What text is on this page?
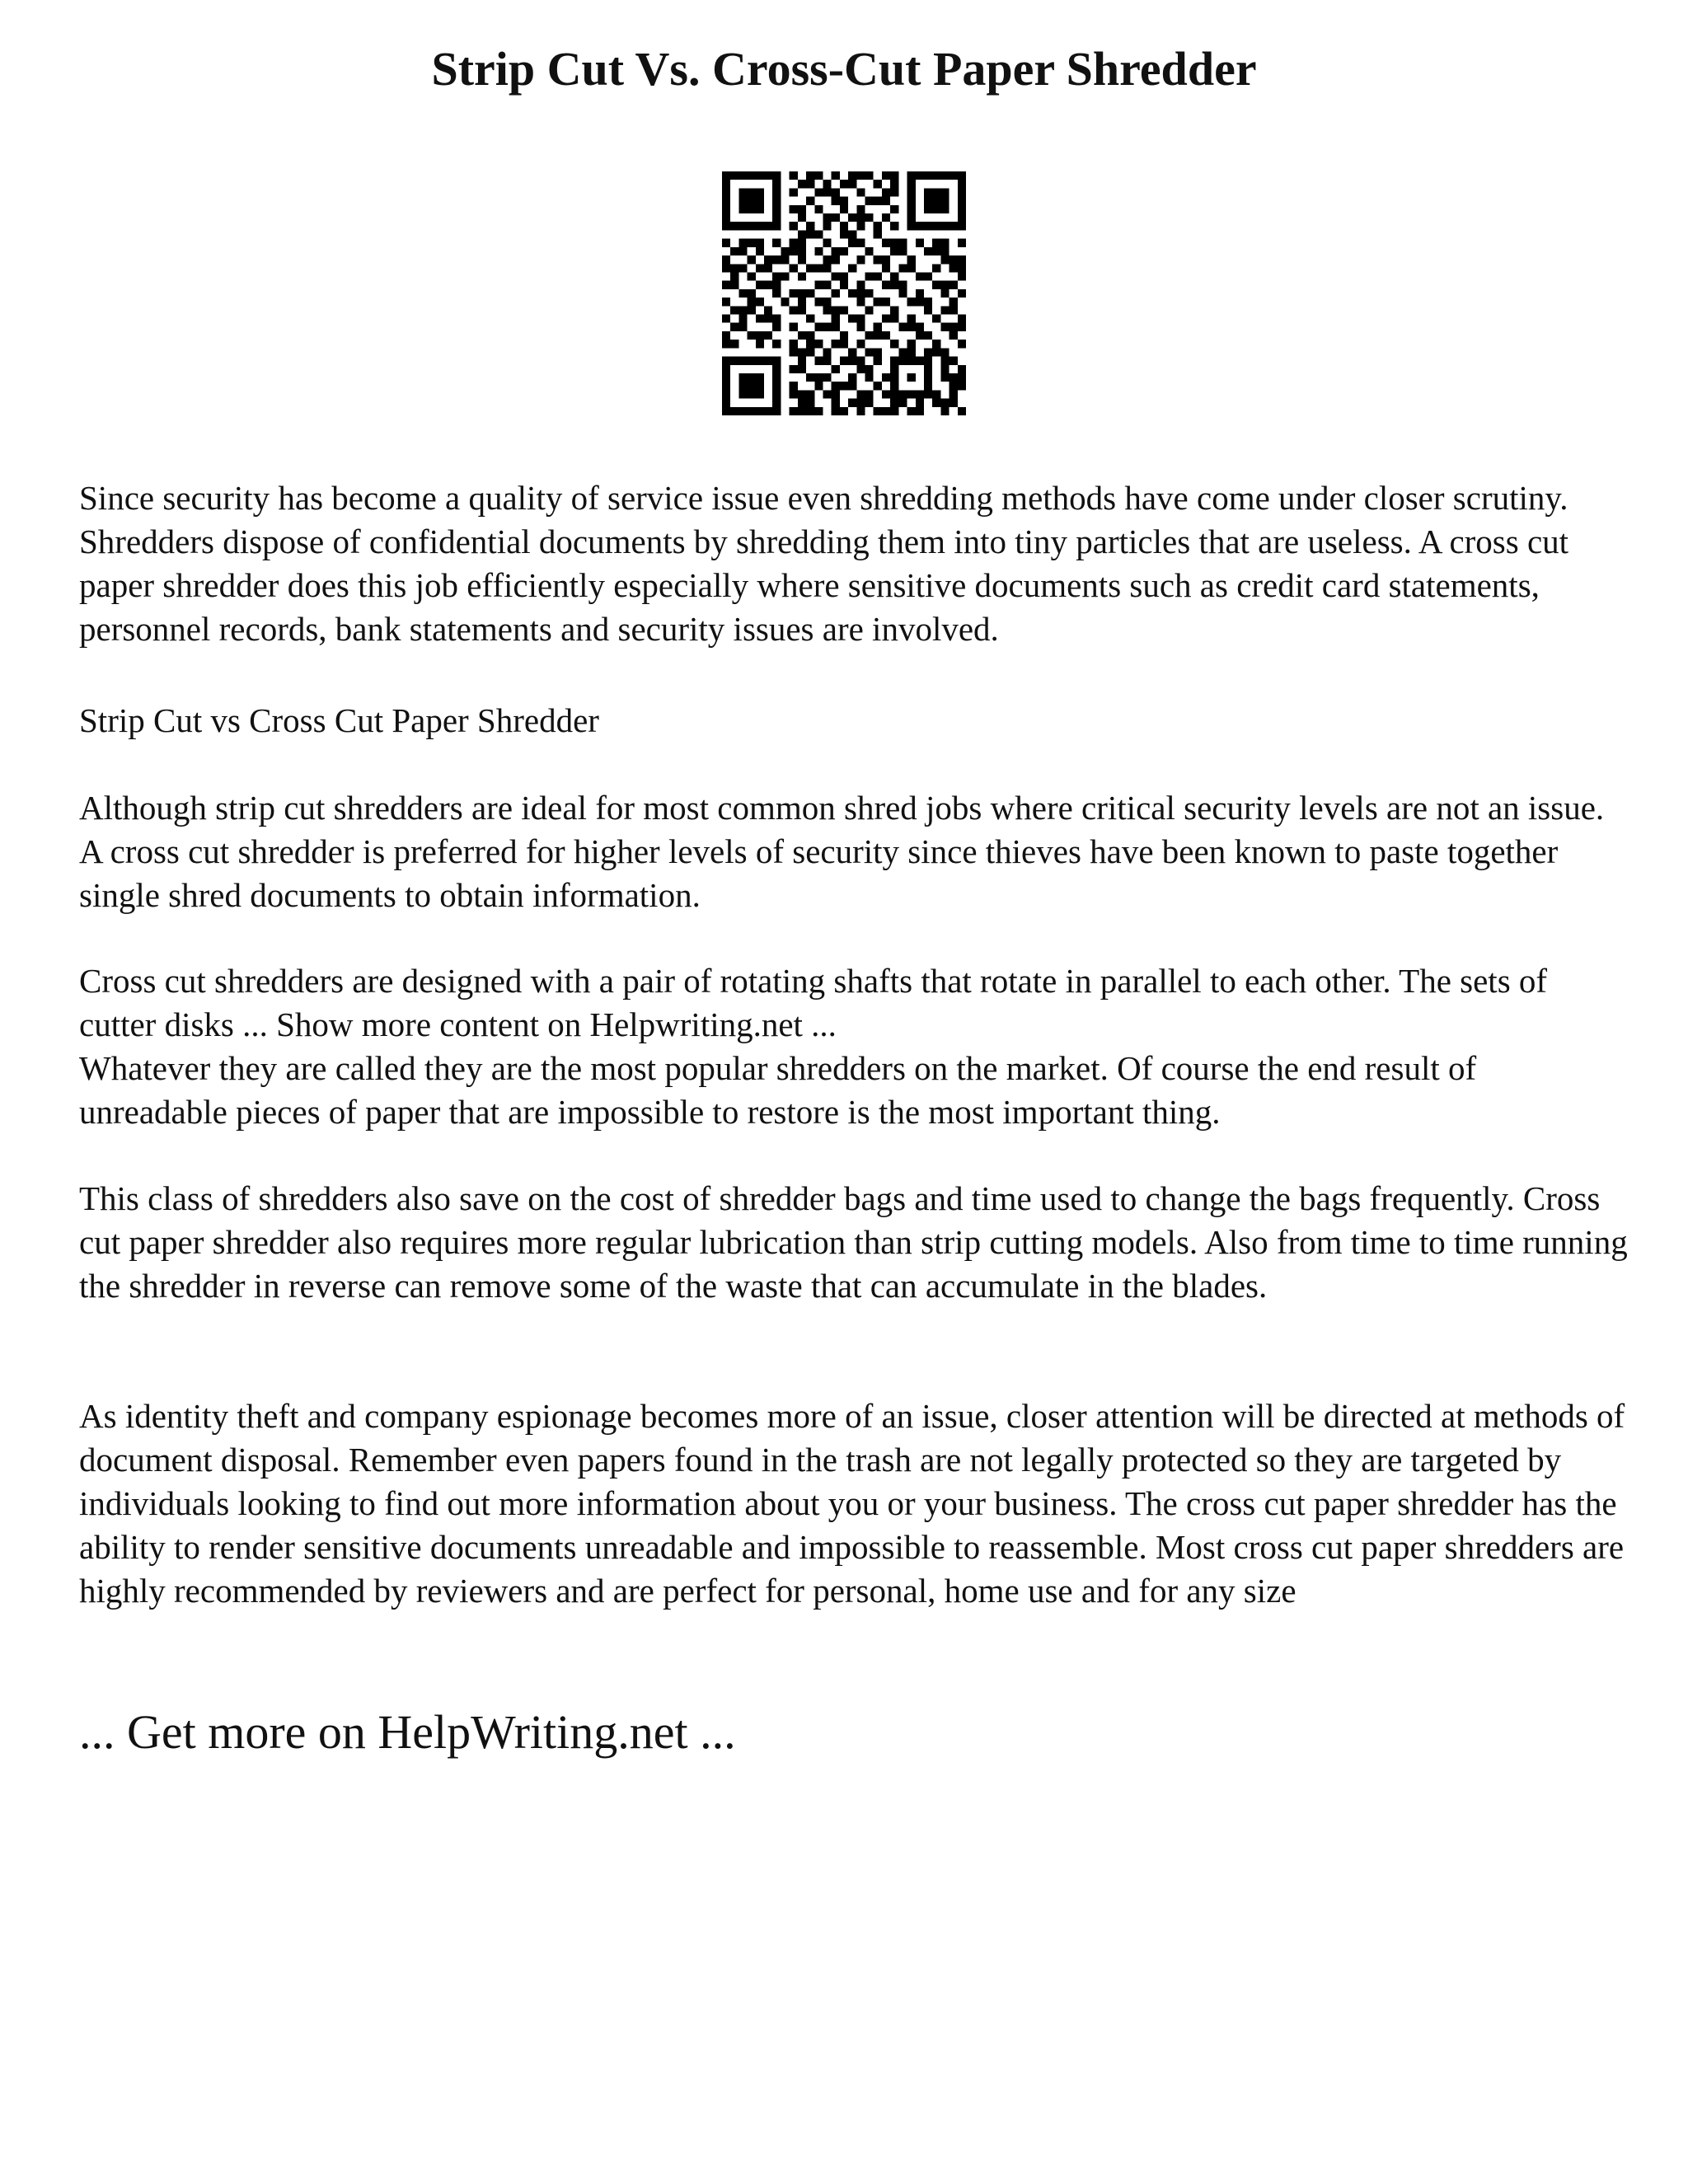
Strip Cut Vs. Cross-Cut Paper Shredder

Since security has become a quality of service issue even shredding methods have come under closer scrutiny. Shredders dispose of confidential documents by shredding them into tiny particles that are useless. A cross cut paper shredder does this job efficiently especially where sensitive documents such as credit card statements, personnel records, bank statements and security issues are involved.

Strip Cut vs Cross Cut Paper Shredder

Although strip cut shredders are ideal for most common shred jobs where critical security levels are not an issue. A cross cut shredder is preferred for higher levels of security since thieves have been known to paste together single shred documents to obtain information.

Cross cut shredders are designed with a pair of rotating shafts that rotate in parallel to each other. The sets of cutter disks ... Show more content on Helpwriting.net ...

Whatever they are called they are the most popular shredders on the market. Of course the end result of unreadable pieces of paper that are impossible to restore is the most important thing.

This class of shredders also save on the cost of shredder bags and time used to change the bags frequently. Cross cut paper shredder also requires more regular lubrication than strip cutting models. Also from time to time running the shredder in reverse can remove some of the waste that can accumulate in the blades.

As identity theft and company espionage becomes more of an issue, closer attention will be directed at methods of document disposal. Remember even papers found in the trash are not legally protected so they are targeted by individuals looking to find out more information about you or your business. The cross cut paper shredder has the ability to render sensitive documents unreadable and impossible to reassemble. Most cross cut paper shredders are highly recommended by reviewers and are perfect for personal, home use and for any size

... Get more on HelpWriting.net ...
